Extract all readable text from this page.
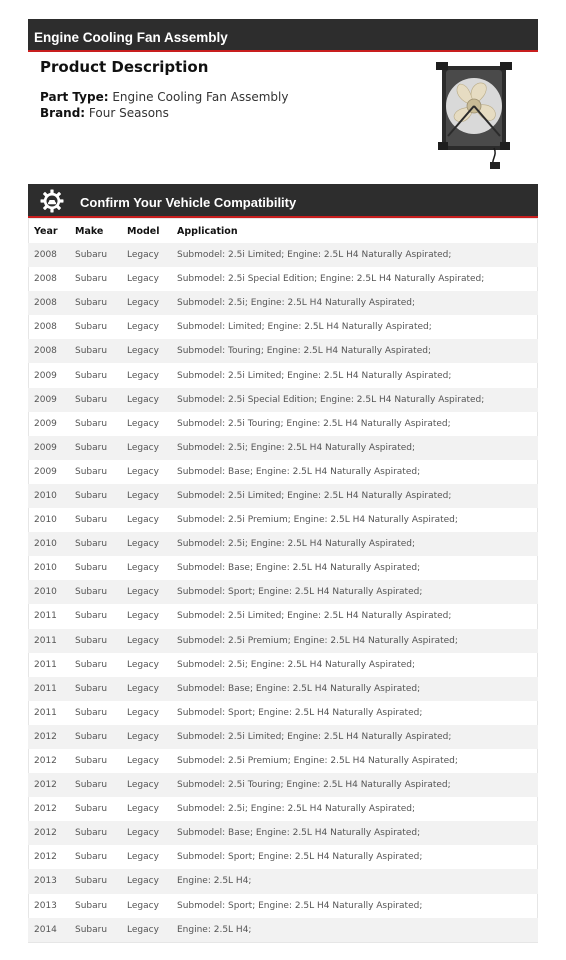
Engine Cooling Fan Assembly
Product Description
Part Type: Engine Cooling Fan Assembly
Brand: Four Seasons
Confirm Your Vehicle Compatibility
Year	Make	Model	Application
2008	Subaru	Legacy	Submodel: 2.5i Limited; Engine: 2.5L H4 Naturally Aspirated;
2008	Subaru	Legacy	Submodel: 2.5i Special Edition; Engine: 2.5L H4 Naturally Aspirated;
2008	Subaru	Legacy	Submodel: 2.5i; Engine: 2.5L H4 Naturally Aspirated;
2008	Subaru	Legacy	Submodel: Limited; Engine: 2.5L H4 Naturally Aspirated;
2008	Subaru	Legacy	Submodel: Touring; Engine: 2.5L H4 Naturally Aspirated;
2009	Subaru	Legacy	Submodel: 2.5i Limited; Engine: 2.5L H4 Naturally Aspirated;
2009	Subaru	Legacy	Submodel: 2.5i Special Edition; Engine: 2.5L H4 Naturally Aspirated;
2009	Subaru	Legacy	Submodel: 2.5i Touring; Engine: 2.5L H4 Naturally Aspirated;
2009	Subaru	Legacy	Submodel: 2.5i; Engine: 2.5L H4 Naturally Aspirated;
2009	Subaru	Legacy	Submodel: Base; Engine: 2.5L H4 Naturally Aspirated;
2010	Subaru	Legacy	Submodel: 2.5i Limited; Engine: 2.5L H4 Naturally Aspirated;
2010	Subaru	Legacy	Submodel: 2.5i Premium; Engine: 2.5L H4 Naturally Aspirated;
2010	Subaru	Legacy	Submodel: 2.5i; Engine: 2.5L H4 Naturally Aspirated;
2010	Subaru	Legacy	Submodel: Base; Engine: 2.5L H4 Naturally Aspirated;
2010	Subaru	Legacy	Submodel: Sport; Engine: 2.5L H4 Naturally Aspirated;
2011	Subaru	Legacy	Submodel: 2.5i Limited; Engine: 2.5L H4 Naturally Aspirated;
2011	Subaru	Legacy	Submodel: 2.5i Premium; Engine: 2.5L H4 Naturally Aspirated;
2011	Subaru	Legacy	Submodel: 2.5i; Engine: 2.5L H4 Naturally Aspirated;
2011	Subaru	Legacy	Submodel: Base; Engine: 2.5L H4 Naturally Aspirated;
2011	Subaru	Legacy	Submodel: Sport; Engine: 2.5L H4 Naturally Aspirated;
2012	Subaru	Legacy	Submodel: 2.5i Limited; Engine: 2.5L H4 Naturally Aspirated;
2012	Subaru	Legacy	Submodel: 2.5i Premium; Engine: 2.5L H4 Naturally Aspirated;
2012	Subaru	Legacy	Submodel: 2.5i Touring; Engine: 2.5L H4 Naturally Aspirated;
2012	Subaru	Legacy	Submodel: 2.5i; Engine: 2.5L H4 Naturally Aspirated;
2012	Subaru	Legacy	Submodel: Base; Engine: 2.5L H4 Naturally Aspirated;
2012	Subaru	Legacy	Submodel: Sport; Engine: 2.5L H4 Naturally Aspirated;
2013	Subaru	Legacy	Engine: 2.5L H4;
2013	Subaru	Legacy	Submodel: Sport; Engine: 2.5L H4 Naturally Aspirated;
2014	Subaru	Legacy	Engine: 2.5L H4;
